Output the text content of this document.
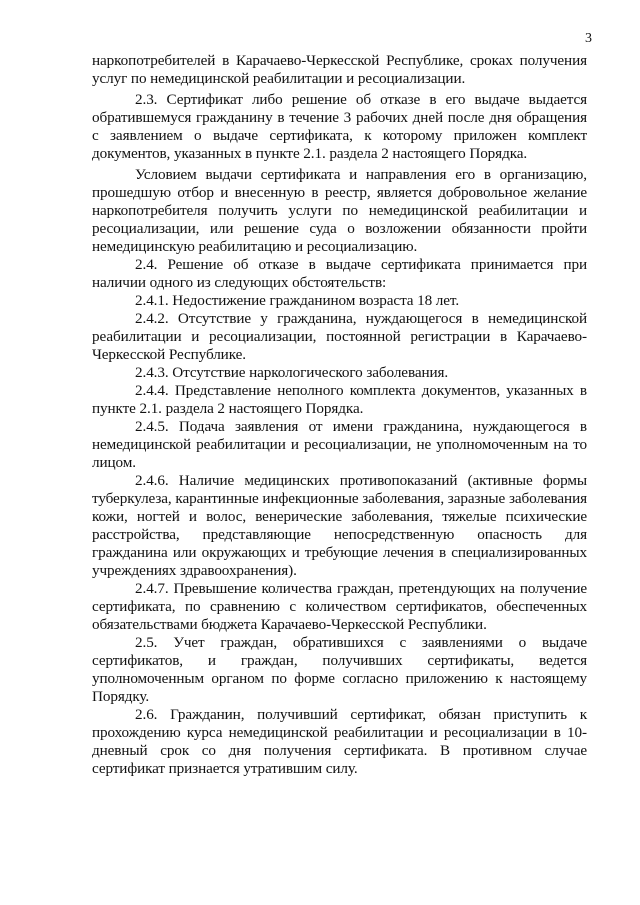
3

наркопотребителей в Карачаево-Черкесской Республике, сроках получения услуг по немедицинской реабилитации и ресоциализации.

2.3. Сертификат либо решение об отказе в его выдаче выдается обратившемуся гражданину в течение 3 рабочих дней после дня обращения с заявлением о выдаче сертификата, к которому приложен комплект документов, указанных в пункте 2.1. раздела 2 настоящего Порядка.

Условием выдачи сертификата и направления его в организацию, прошедшую отбор и внесенную в реестр, является добровольное желание наркопотребителя получить услуги по немедицинской реабилитации и ресоциализации, или решение суда о возложении обязанности пройти немедицинскую реабилитацию и ресоциализацию.

2.4. Решение об отказе в выдаче сертификата принимается при наличии одного из следующих обстоятельств:

2.4.1. Недостижение гражданином возраста 18 лет.

2.4.2. Отсутствие у гражданина, нуждающегося в немедицинской реабилитации и ресоциализации, постоянной регистрации в Карачаево-Черкесской Республике.

2.4.3. Отсутствие наркологического заболевания.

2.4.4. Представление неполного комплекта документов, указанных в пункте 2.1. раздела 2 настоящего Порядка.

2.4.5. Подача заявления от имени гражданина, нуждающегося в немедицинской реабилитации и ресоциализации, не уполномоченным на то лицом.

2.4.6. Наличие медицинских противопоказаний (активные формы туберкулеза, карантинные инфекционные заболевания, заразные заболевания кожи, ногтей и волос, венерические заболевания, тяжелые психические расстройства, представляющие непосредственную опасность для гражданина или окружающих и требующие лечения в специализированных учреждениях здравоохранения).

2.4.7. Превышение количества граждан, претендующих на получение сертификата, по сравнению с количеством сертификатов, обеспеченных обязательствами бюджета Карачаево-Черкесской Республики.

2.5. Учет граждан, обратившихся с заявлениями о выдаче сертификатов, и граждан, получивших сертификаты, ведется уполномоченным органом по форме согласно приложению к настоящему Порядку.

2.6. Гражданин, получивший сертификат, обязан приступить к прохождению курса немедицинской реабилитации и ресоциализации в 10-дневный срок со дня получения сертификата. В противном случае сертификат признается утратившим силу.
